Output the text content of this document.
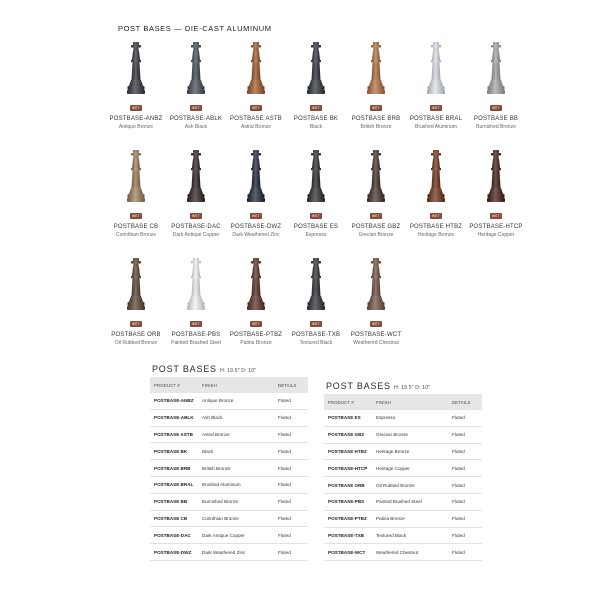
POST BASES — DIE-CAST ALUMINUM
WET
POSTBASE-ANBZ
Antique Bronze
WET
POSTBASE-ABLK
Ash Black
WET
POSTBASE ASTB
Astral Bronze
WET
POSTBASE BK
Black
WET
POSTBASE BRB
British Bronze
WET
POSTBASE BRAL
Brushed Aluminum
WET
POSTBASE BB
Burnished Bronze
WET
POSTBASE CB
Corinthian Bronze
WET
POSTBASE-DAC
Dark Antique Copper
WET
POSTBASE-DWZ
Dark Weathered Zinc
WET
POSTBASE ES
Espresso
WET
POSTBASE GBZ
Grecian Bronze
WET
POSTBASE HTBZ
Heritage Bronze
WET
POSTBASE-HTCP
Heritage Copper
WET
POSTBASE ORB
Oil Rubbed Bronze
WET
POSTBASE-PBS
Painted Brushed Steel
WET
POSTBASE-PTBZ
Patina Bronze
WET
POSTBASE-TXB
Textured Black
WET
POSTBASE-WCT
Weathered Chestnut
POST BASES H: 19.5" D: 10"
PRODUCT #	FINISH	DETAILS
POSTBASE-ANBZ	Antique Bronze	Fluted
POSTBASE-ABLK	Ash Black	Fluted
POSTBASE ASTB	Astral Bronze	Fluted
POSTBASE BK	Black	Fluted
POSTBASE BRB	British Bronze	Fluted
POSTBASE BRAL	Brushed Aluminum	Fluted
POSTBASE BB	Burnished Bronze	Fluted
POSTBASE CB	Corinthian Bronze	Fluted
POSTBASE-DAC	Dark Antique Copper	Fluted
POSTBASE-DWZ	Dark Weathered Zinc	Fluted
POST BASES H: 19.5" D: 10"
PRODUCT #	FINISH	DETAILS
POSTBASE ES	Espresso	Fluted
POSTBASE GBZ	Grecian Bronze	Fluted
POSTBASE HTBZ	Heritage Bronze	Fluted
POSTBASE-HTCP	Heritage Copper	Fluted
POSTBASE ORB	Oil Rubbed Bronze	Fluted
POSTBASE-PBS	Painted Brushed Steel	Fluted
POSTBASE-PTBZ	Patina Bronze	Fluted
POSTBASE-TXB	Textured Black	Fluted
POSTBASE-WCT	Weathered Chestnut	Fluted
